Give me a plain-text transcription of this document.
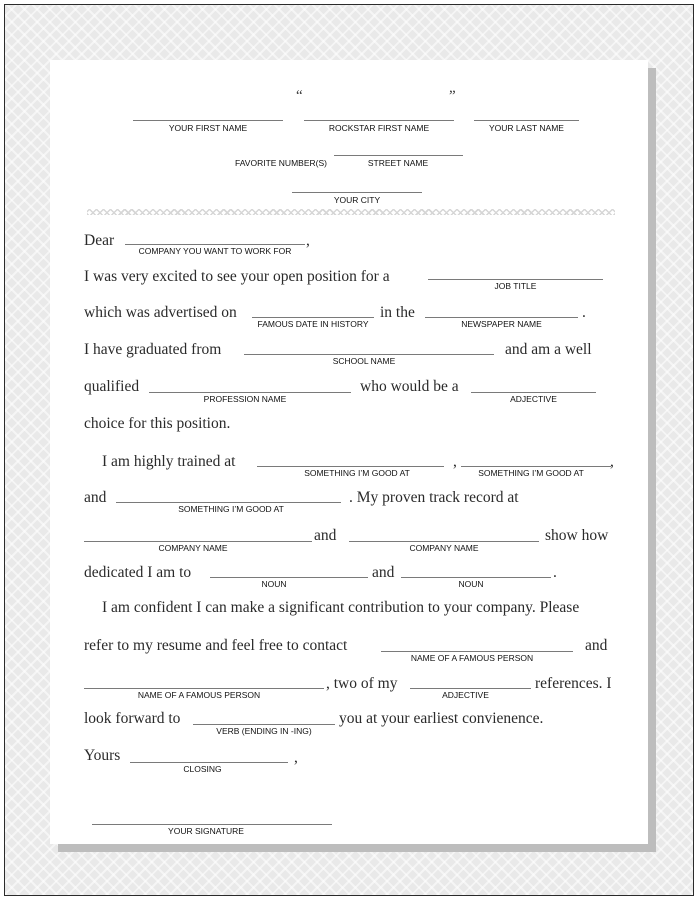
“	”
YOUR FIRST NAME	ROCKSTAR FIRST NAME	YOUR LAST NAME
FAVORITE NUMBER(S)	STREET NAME
YOUR CITY
Dear
COMPANY YOU WANT TO WORK FOR
,
I was very excited to see your open position for a
JOB TITLE
which was advertised on
FAMOUS DATE IN HISTORY
in the
NEWSPAPER NAME
.
I have graduated from
SCHOOL NAME
and am a well
qualified
PROFESSION NAME
who would be a
ADJECTIVE
choice for this position.
I am highly trained at
SOMETHING I’M GOOD AT
,
SOMETHING I’M GOOD AT
,
and
SOMETHING I’M GOOD AT
. My proven track record at
COMPANY NAME
and
COMPANY NAME
show how
dedicated I am to
NOUN
and
NOUN
.
I am confident I can make a significant contribution to your company. Please
refer to my resume and feel free to contact
NAME OF A FAMOUS PERSON
and
NAME OF A FAMOUS PERSON
, two of my
ADJECTIVE
references. I
look forward to
VERB (ENDING IN -ING)
you at your earliest convienence.
Yours
CLOSING
,
YOUR SIGNATURE
